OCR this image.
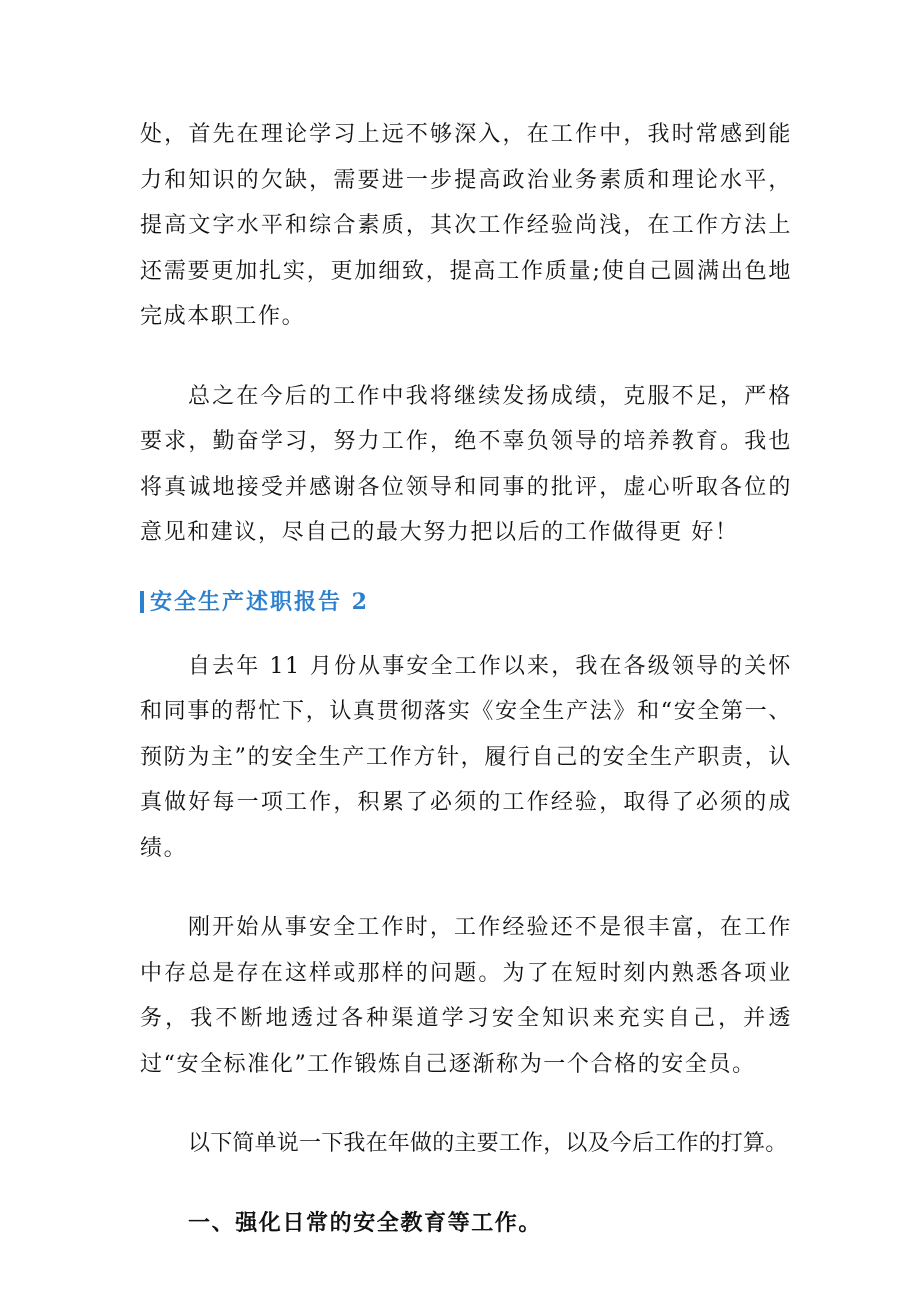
处，首先在理论学习上远不够深入，在工作中，我时常感到能力和知识的欠缺，需要进一步提高政治业务素质和理论水平，提高文字水平和综合素质，其次工作经验尚浅，在工作方法上还需要更加扎实，更加细致，提高工作质量;使自己圆满出色地完成本职工作。

总之在今后的工作中我将继续发扬成绩，克服不足，严格要求，勤奋学习，努力工作，绝不辜负领导的培养教育。我也将真诚地接受并感谢各位领导和同事的批评，虚心听取各位的意见和建议，尽自己的最大努力把以后的工作做得更 好！

安全生产述职报告 2

自去年 11 月份从事安全工作以来，我在各级领导的关怀和同事的帮忙下，认真贯彻落实《安全生产法》和“安全第一、预防为主”的安全生产工作方针，履行自己的安全生产职责，认真做好每一项工作，积累了必须的工作经验，取得了必须的成绩。

刚开始从事安全工作时，工作经验还不是很丰富，在工作中存总是存在这样或那样的问题。为了在短时刻内熟悉各项业务，我不断地透过各种渠道学习安全知识来充实自己，并透过“安全标准化”工作锻炼自己逐渐称为一个合格的安全员。

以下简单说一下我在年做的主要工作，以及今后工作的打算。

一、强化日常的安全教育等工作。
